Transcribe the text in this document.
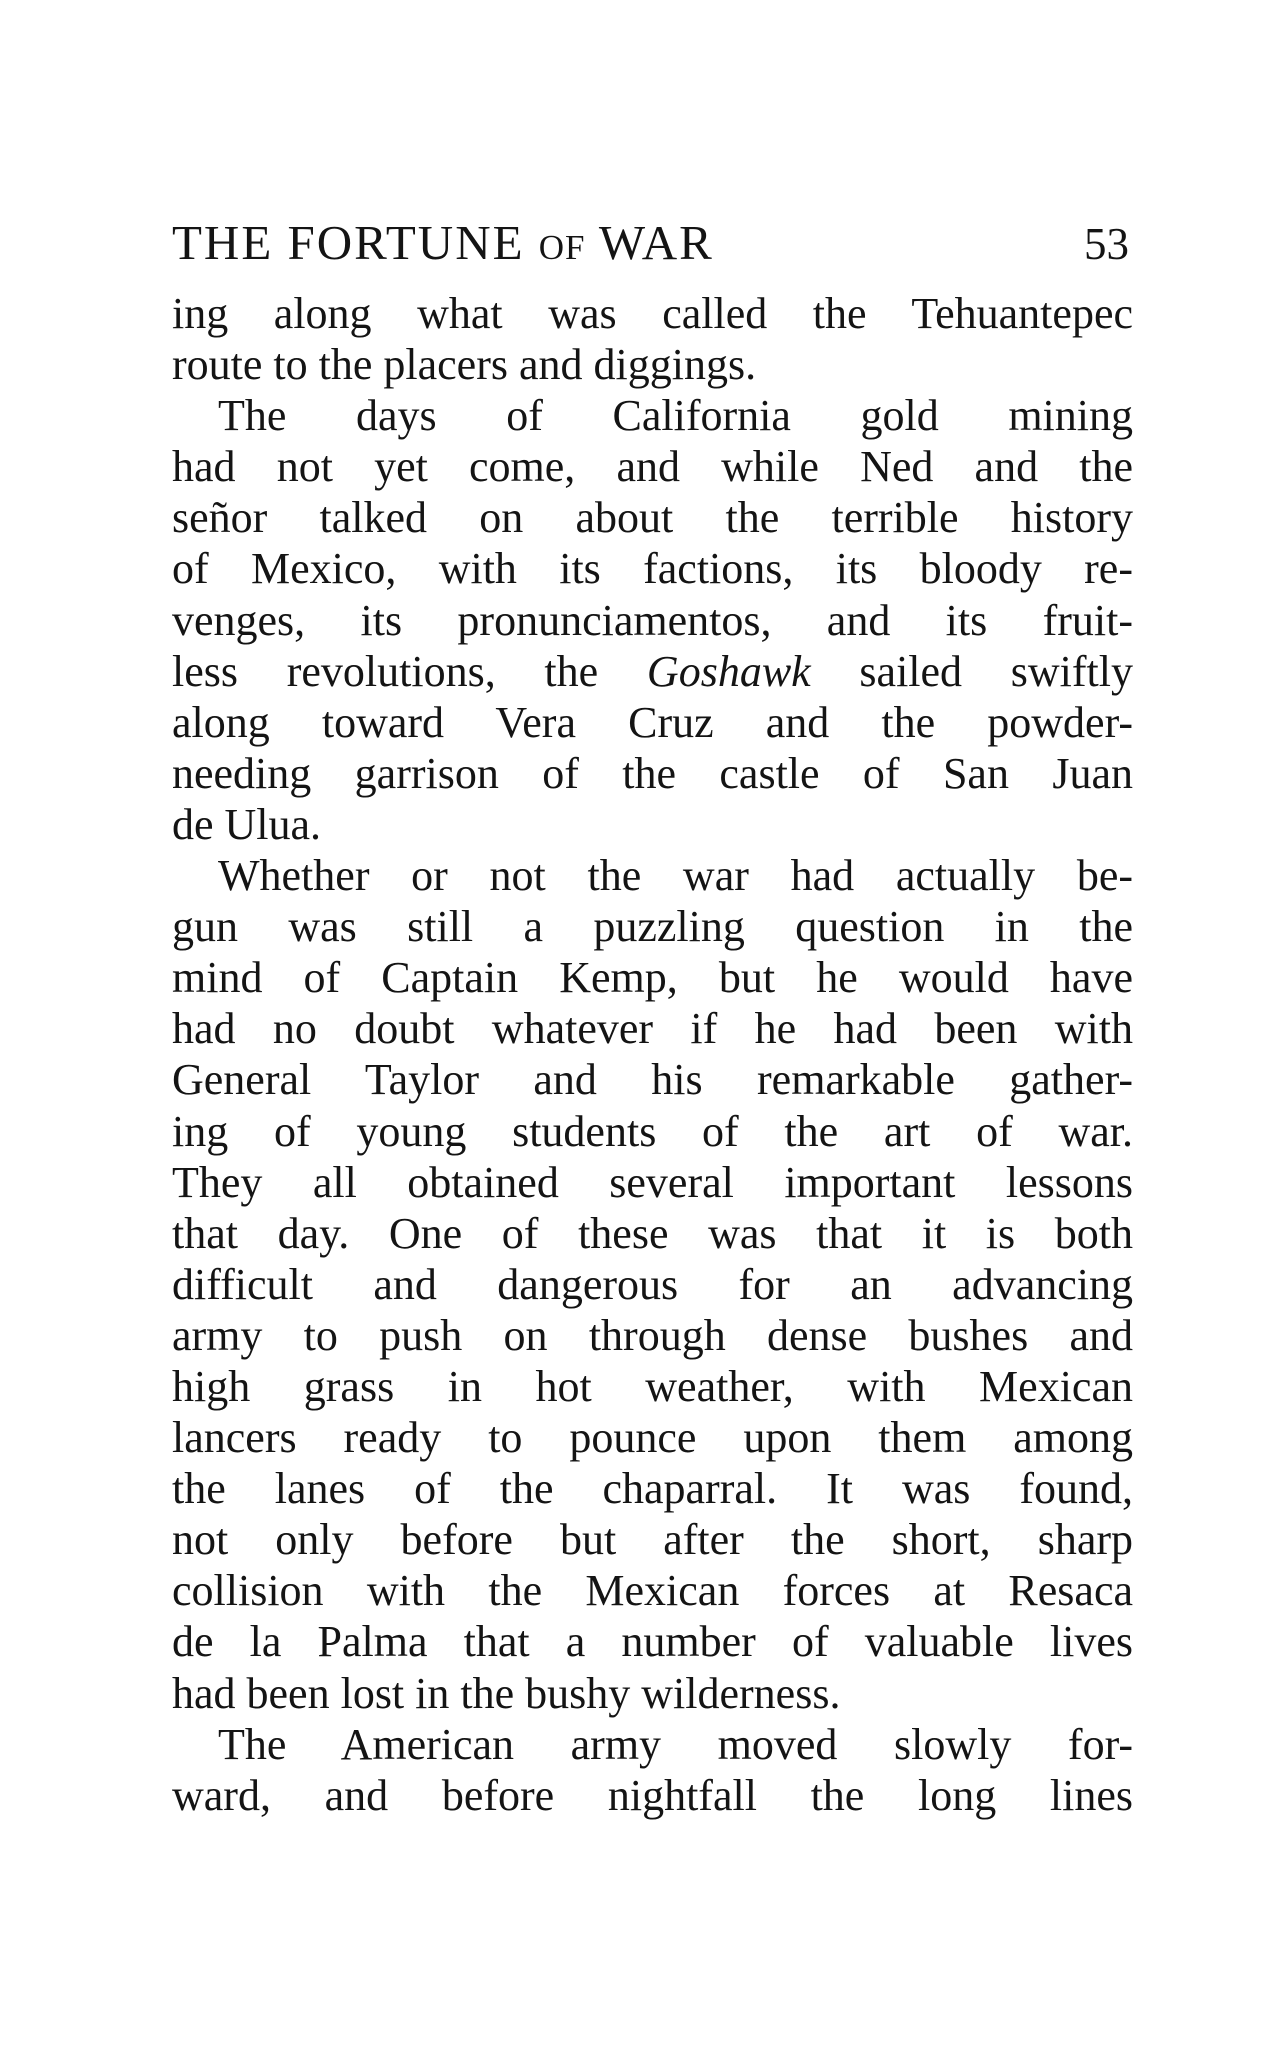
THE FORTUNE OF WAR	53
ing along what was called the Tehuantepec
route to the placers and diggings.
The days of California gold mining
had not yet come, and while Ned and the
señor talked on about the terrible history
of Mexico, with its factions, its bloody re-
venges, its pronunciamentos, and its fruit-
less revolutions, the Goshawk sailed swiftly
along toward Vera Cruz and the powder-
needing garrison of the castle of San Juan
de Ulua.
Whether or not the war had actually be-
gun was still a puzzling question in the
mind of Captain Kemp, but he would have
had no doubt whatever if he had been with
General Taylor and his remarkable gather-
ing of young students of the art of war.
They all obtained several important lessons
that day. One of these was that it is both
difficult and dangerous for an advancing
army to push on through dense bushes and
high grass in hot weather, with Mexican
lancers ready to pounce upon them among
the lanes of the chaparral. It was found,
not only before but after the short, sharp
collision with the Mexican forces at Resaca
de la Palma that a number of valuable lives
had been lost in the bushy wilderness.
The American army moved slowly for-
ward, and before nightfall the long lines
